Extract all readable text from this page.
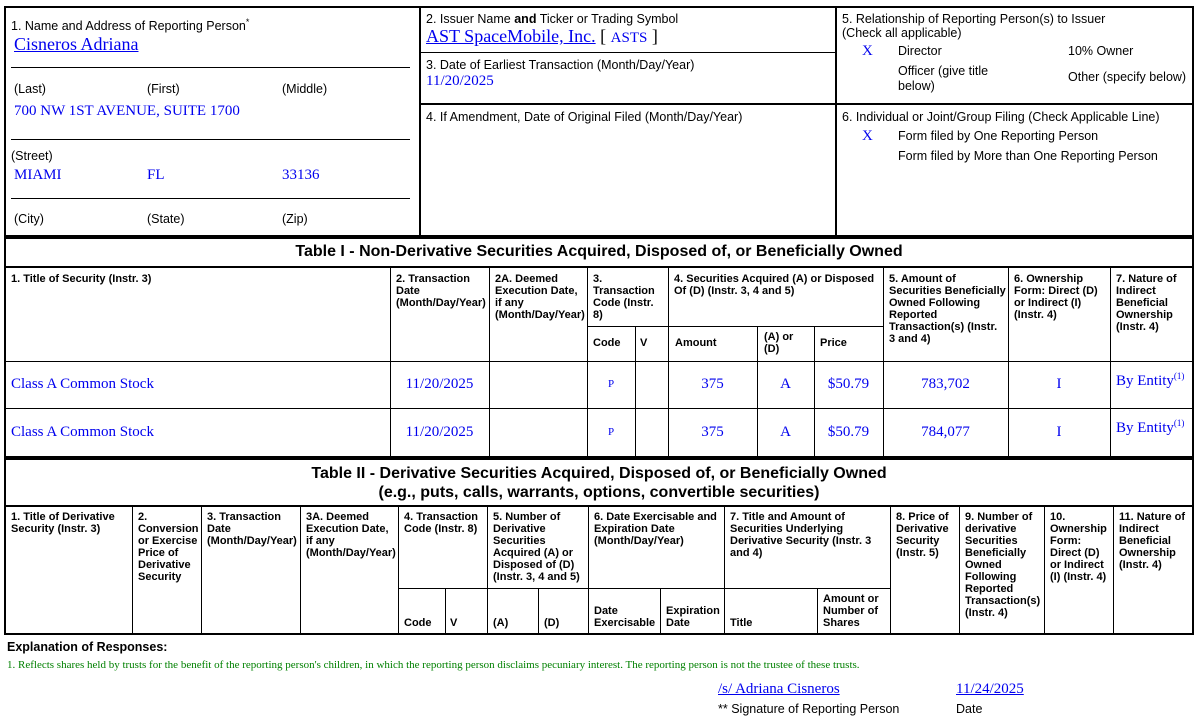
1. Name and Address of Reporting Person*
Cisneros Adriana
(Last)	(First)	(Middle)
700 NW 1ST AVENUE, SUITE 1700
(Street)
MIAMI	FL	33136
(City)	(State)	(Zip)
2. Issuer Name and Ticker or Trading Symbol
AST SpaceMobile, Inc. [ ASTS ]
3. Date of Earliest Transaction (Month/Day/Year)
11/20/2025
4. If Amendment, Date of Original Filed (Month/Day/Year)
5. Relationship of Reporting Person(s) to Issuer
(Check all applicable)
X Director	10% Owner
Officer (give title below)
Other (specify below)
6. Individual or Joint/Group Filing (Check Applicable Line)
X Form filed by One Reporting Person
Form filed by More than One Reporting Person
Table I - Non-Derivative Securities Acquired, Disposed of, or Beneficially Owned
1. Title of Security (Instr. 3)	2. Transaction Date (Month/Day/Year)
2A. Deemed Execution Date, if any (Month/Day/Year)
3. Transaction Code (Instr. 8)
4. Securities Acquired (A) or Disposed Of (D) (Instr. 3, 4 and 5)
5. Amount of Securities Beneficially Owned Following Reported Transaction(s) (Instr. 3 and 4)
6. Ownership Form: Direct (D) or Indirect (I) (Instr. 4)
7. Nature of Indirect Beneficial Ownership (Instr. 4)
Code V	Amount	(A) or (D)	Price
Class A Common Stock	11/20/2025	P	375	A	$50.79	783,702	I	By Entity$^{(1)}$
Class A Common Stock	11/20/2025	P	375	A	$50.79	784,077	I	By Entity$^{(1)}$
Table II - Derivative Securities Acquired, Disposed of, or Beneficially Owned
(e.g., puts, calls, warrants, options, convertible securities)
1. Title of Derivative Security (Instr. 3)
2. Conversion or Exercise Price of Derivative Security
3. Transaction Date (Month/Day/Year)
3A. Deemed Execution Date, if any (Month/Day/Year)
4. Transaction Code (Instr. 8)
5. Number of Derivative Securities Acquired (A) or Disposed of (D) (Instr. 3, 4 and 5)
6. Date Exercisable and Expiration Date (Month/Day/Year)
7. Title and Amount of Securities Underlying Derivative Security (Instr. 3 and 4)
8. Price of Derivative Security (Instr. 5)
9. Number of derivative Securities Beneficially Owned Following Reported Transaction(s) (Instr. 4)
10. Ownership Form: Direct (D) or Indirect (I) (Instr. 4)
11. Nature of Indirect Beneficial Ownership (Instr. 4)
Code V	(A)	(D)
Date Exercisable
Expiration Date	Title
Amount or Number of Shares
Explanation of Responses:
1. Reflects shares held by trusts for the benefit of the reporting person's children, in which the reporting person disclaims pecuniary interest. The reporting person is not the trustee of these trusts.
/s/ Adriana Cisneros	11/24/2025
** Signature of Reporting Person	Date
